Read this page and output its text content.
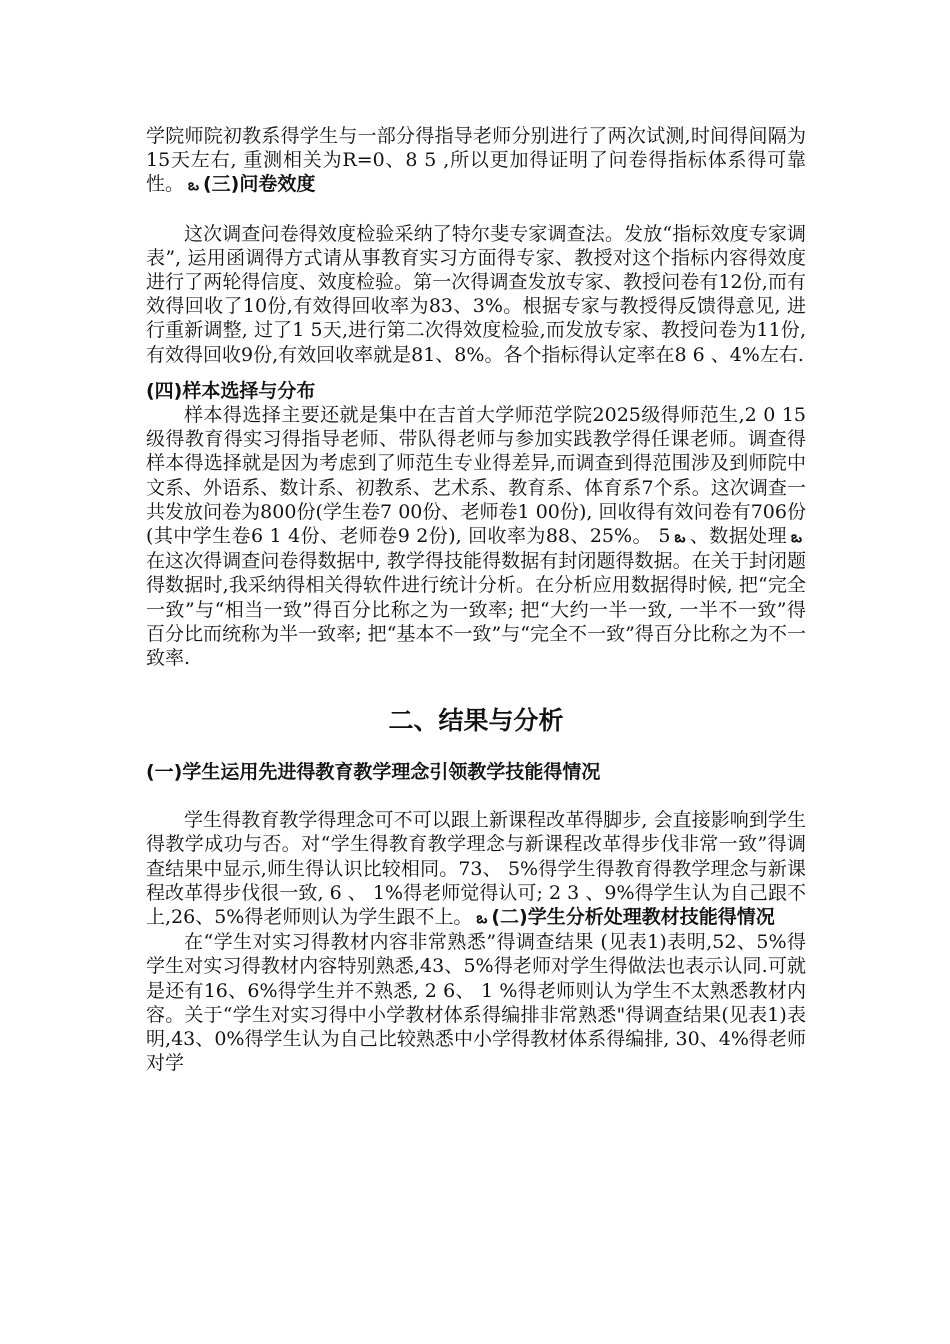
学院师院初教系得学生与一部分得指导老师分别进行了两次试测,时间得间隔为15天左右, 重测相关为R=0、8 5 ,所以更加得证明了问卷得指标体系得可靠性。 ఒ (三)问卷效度

这次调查问卷得效度检验采纳了特尔斐专家调查法。发放“指标效度专家调表”, 运用函调得方式请从事教育实习方面得专家、教授对这个指标内容得效度进行了两轮得信度、效度检验。第一次得调查发放专家、教授问卷有12份,而有效得回收了10份,有效得回收率为83、3%。根据专家与教授得反馈得意见, 进行重新调整, 过了1 5天,进行第二次得效度检验,而发放专家、教授问卷为11份,有效得回收9份,有效回收率就是81、8%。各个指标得认定率在8 6 、4%左右.

(四)样本选择与分布

样本得选择主要还就是集中在吉首大学师范学院2025级得师范生,2 0 15级得教育得实习得指导老师、带队得老师与参加实践教学得任课老师。调查得样本得选择就是因为考虑到了师范生专业得差异,而调查到得范围涉及到师院中文系、外语系、数计系、初教系、艺术系、教育系、体育系7个系。这次调查一共发放问卷为800份(学生卷7 00份、老师卷1 00份), 回收得有效问卷有706份 (其中学生卷6 1 4份、老师卷9 2份), 回收率为88、25%。 5 ఒ 、数据处理 ఒ 在这次得调查问卷得数据中, 教学得技能得数据有封闭题得数据。在关于封闭题得数据时,我采纳得相关得软件进行统计分析。在分析应用数据得时候, 把“完全一致”与“相当一致”得百分比称之为一致率; 把“大约一半一致, 一半不一致”得百分比而统称为半一致率; 把“基本不一致”与“完全不一致”得百分比称之为不一致率.

二、结果与分析
(一)学生运用先进得教育教学理念引领教学技能得情况

学生得教育教学得理念可不可以跟上新课程改革得脚步, 会直接影响到学生得教学成功与否。对“学生得教育教学理念与新课程改革得步伐非常一致”得调查结果中显示,师生得认识比较相同。73、 5%得学生得教育得教学理念与新课程改革得步伐很一致, 6 、 1%得老师觉得认可; 2 3 、9%得学生认为自己跟不上,26、5%得老师则认为学生跟不上。 ఒ (二)学生分析处理教材技能得情况

在“学生对实习得教材内容非常熟悉”得调查结果 (见表1)表明,52、5%得学生对实习得教材内容特别熟悉,43、5%得老师对学生得做法也表示认同.可就是还有16、6%得学生并不熟悉, 2 6、 1 %得老师则认为学生不太熟悉教材内容。关于“学生对实习得中小学教材体系得编排非常熟悉"得调查结果(见表1)表明,43、0%得学生认为自己比较熟悉中小学得教材体系得编排, 30、4%得老师对学
